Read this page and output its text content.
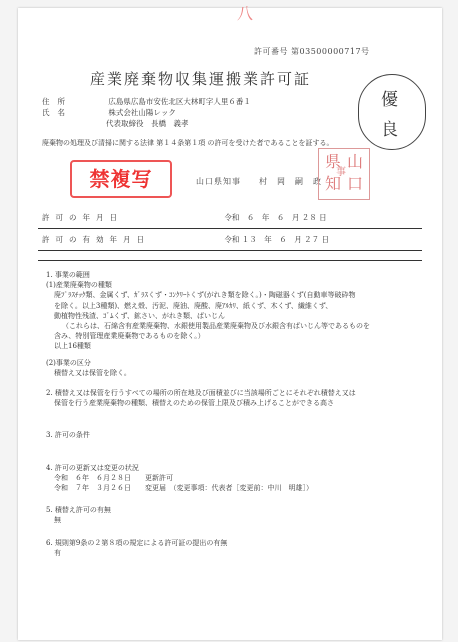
八
許可番号 第03500000717号
産業廃棄物収集運搬業許可証
優
良
住所	広島県広島市安佐北区大林町字人里６番１
氏名	株式会社山陽レック
代表取締役　長橋　義孝
廃棄物の処理及び清掃に関する法律 第１４条第１項 の許可を受けた者であることを証する。
禁複写	山口県知事　　村　岡　嗣　政
山
口
県
知
事
許可の年月日	令和　６　年　６　月 ２８ 日
許可の有効年月日	令和 １３　年　６　月 ２７ 日

1. 事業の範囲

(1)産業廃棄物の種類

廃ﾌﾟﾗｽﾁｯｸ類、金属くず、ｶﾞﾗｽくず・ｺﾝｸﾘｰﾄくず(がれき類を除く。)・陶磁器くず(自動車等破砕物

を除く。以上3種類)、燃え殻、汚泥、廃油、廃酸、廃ｱﾙｶﾘ、紙くず、木くず、繊維くず、

動植物性残渣、ｺﾞﾑくず、鉱さい、がれき類、ばいじん

（これらは、石綿含有産業廃棄物、水銀使用製品産業廃棄物及び水銀含有ばいじん等であるものを

含み、特別管理産業廃棄物であるものを除く。）

以上16種類

(2)事業の区分

積替え又は保管を除く。

2. 積替え又は保管を行うすべての場所の所在地及び面積並びに当該場所ごとにそれぞれ積替え又は

保管を行う産業廃棄物の種類、積替えのための保管上限及び積み上げることができる高さ

3. 許可の条件

4. 許可の更新又は変更の状況

令和　６年　６月２８日　　更新許可

令和　７年　３月２６日　　変更届　（変更事項：代表者［変更前：中川　明雄］）

5. 積替え許可の有無

無

6. 規則第9条の２第８項の規定による許可証の提出の有無

有
